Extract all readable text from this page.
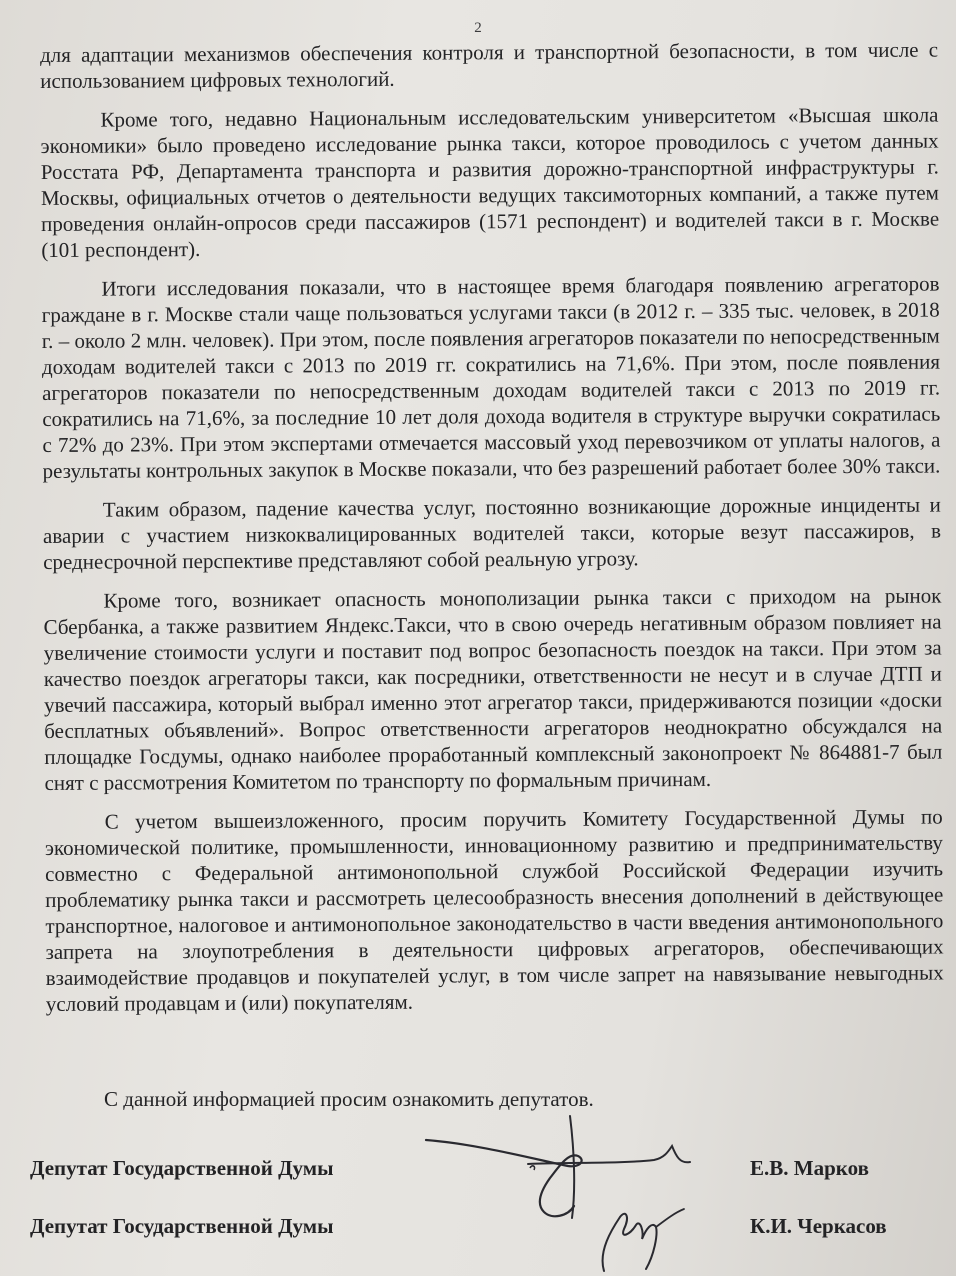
2

для адаптации механизмов обеспечения контроля и транспортной безопасности, в том числе с использованием цифровых технологий.

Кроме того, недавно Национальным исследовательским университетом «Высшая школа экономики» было проведено исследование рынка такси, которое проводилось с учетом данных Росстата РФ, Департамента транспорта и развития дорожно-транспортной инфраструктуры г. Москвы, официальных отчетов о деятельности ведущих таксимоторных компаний, а также путем проведения онлайн-опросов среди пассажиров (1571 респондент) и водителей такси в г. Москве (101 респондент).

Итоги исследования показали, что в настоящее время благодаря появлению агрегаторов граждане в г. Москве стали чаще пользоваться услугами такси (в 2012 г. – 335 тыс. человек, в 2018 г. – около 2 млн. человек). При этом, после появления агрегаторов показатели по непосредственным доходам водителей такси с 2013 по 2019 гг. сократились на 71,6%. При этом, после появления агрегаторов показатели по непосредственным доходам водителей такси с 2013 по 2019 гг. сократились на 71,6%, за последние 10 лет доля дохода водителя в структуре выручки сократилась с 72% до 23%. При этом экспертами отмечается массовый уход перевозчиком от уплаты налогов, а результаты контрольных закупок в Москве показали, что без разрешений работает более 30% такси.

Таким образом, падение качества услуг, постоянно возникающие дорожные инциденты и аварии с участием низкоквалицированных водителей такси, которые везут пассажиров, в среднесрочной перспективе представляют собой реальную угрозу.

Кроме того, возникает опасность монополизации рынка такси с приходом на рынок Сбербанка, а также развитием Яндекс.Такси, что в свою очередь негативным образом повлияет на увеличение стоимости услуги и поставит под вопрос безопасность поездок на такси. При этом за качество поездок агрегаторы такси, как посредники, ответственности не несут и в случае ДТП и увечий пассажира, который выбрал именно этот агрегатор такси, придерживаются позиции «доски бесплатных объявлений». Вопрос ответственности агрегаторов неоднократно обсуждался на площадке Госдумы, однако наиболее проработанный комплексный законопроект № 864881-7 был снят с рассмотрения Комитетом по транспорту по формальным причинам.

С учетом вышеизложенного, просим поручить Комитету Государственной Думы по экономической политике, промышленности, инновационному развитию и предпринимательству совместно с Федеральной антимонопольной службой Российской Федерации изучить проблематику рынка такси и рассмотреть целесообразность внесения дополнений в действующее транспортное, налоговое и антимонопольное законодательство в части введения антимонопольного запрета на злоупотребления в деятельности цифровых агрегаторов, обеспечивающих взаимодействие продавцов и покупателей услуг, в том числе запрет на навязывание невыгодных условий продавцам и (или) покупателям.

С данной информацией просим ознакомить депутатов.
Депутат Государственной Думы	Е.В. Марков
Депутат Государственной Думы	К.И. Черкасов
